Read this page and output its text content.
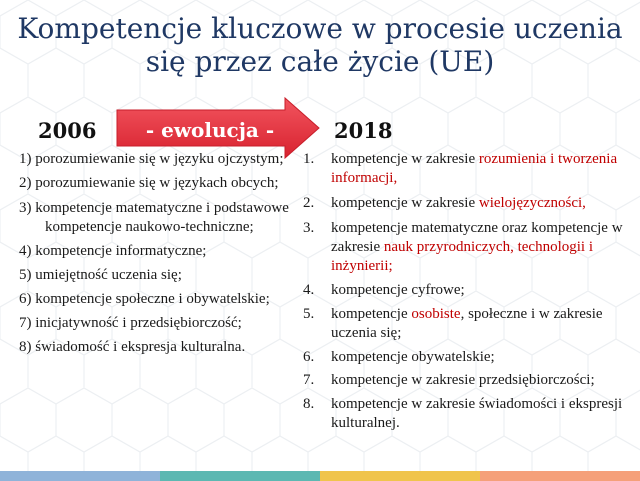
Kompetencje kluczowe w procesie uczenia
się przez całe życie (UE)
2006	2018
- ewolucja -
1) porozumiewanie się w języku ojczystym;
2) porozumiewanie się w językach obcych;
3) kompetencje matematyczne i podstawowe kompetencje naukowo-techniczne;
4) kompetencje informatyczne;
5) umiejętność uczenia się;
6) kompetencje społeczne i obywatelskie;
7) inicjatywność i przedsiębiorczość;
8) świadomość i ekspresja kulturalna.
1. kompetencje w zakresie rozumienia i tworzenia informacji,
2. kompetencje w zakresie wielojęzyczności,
3. kompetencje matematyczne oraz kompetencje w zakresie nauk przyrodniczych, technologii i inżynierii;
4. kompetencje cyfrowe;
5. kompetencje osobiste, społeczne i w zakresie uczenia się;
6. kompetencje obywatelskie;
7. kompetencje w zakresie przedsiębiorczości;
8. kompetencje w zakresie świadomości i ekspresji kulturalnej.
